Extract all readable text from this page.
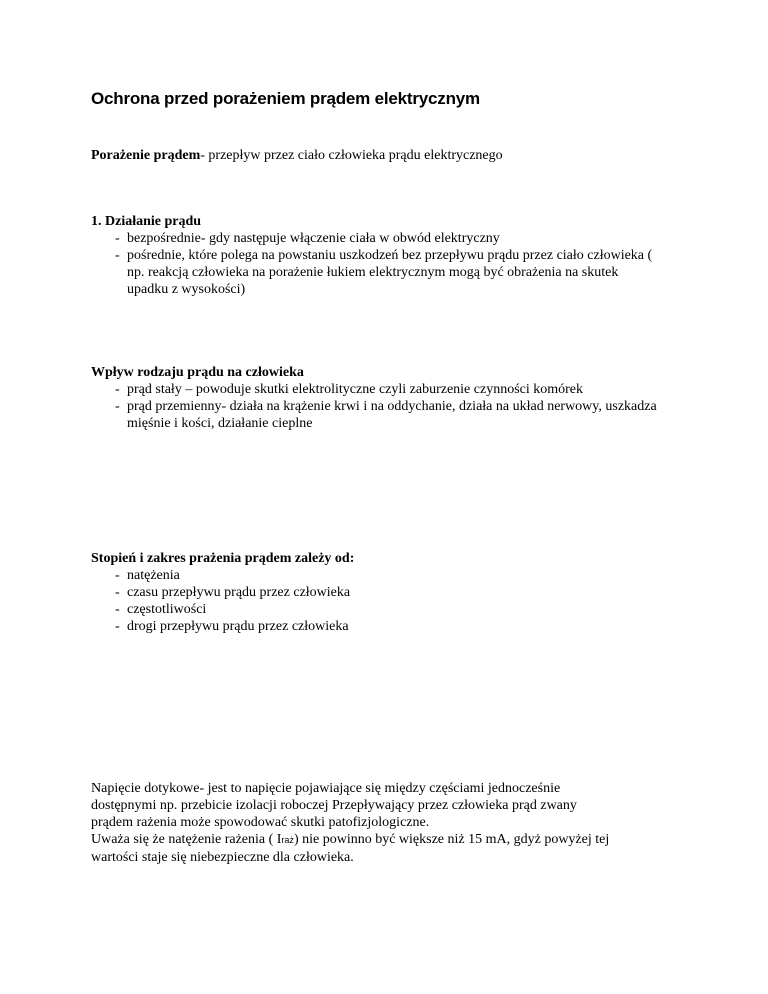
Ochrona przed porażeniem prądem elektrycznym
Porażenie prądem- przepływ przez ciało człowieka prądu elektrycznego
1. Działanie prądu
- bezpośrednie- gdy następuje włączenie ciała w obwód elektryczny
- pośrednie, które polega na powstaniu uszkodzeń bez przepływu prądu przez ciało człowieka ( np. reakcją człowieka na porażenie łukiem elektrycznym mogą być obrażenia na skutek upadku z wysokości)
Wpływ rodzaju prądu na człowieka
- prąd stały – powoduje skutki elektrolityczne czyli zaburzenie czynności komórek
- prąd przemienny- działa na krążenie krwi i na oddychanie, działa na układ nerwowy, uszkadza mięśnie i kości, działanie cieplne
Stopień i zakres prażenia prądem zależy od:
- natężenia
- czasu przepływu prądu przez człowieka
- częstotliwości
- drogi przepływu prądu przez człowieka

Napięcie dotykowe- jest to napięcie pojawiające się między częściami jednocześnie

dostępnymi np. przebicie izolacji roboczej Przepływający przez człowieka prąd zwany

prądem rażenia może spowodować skutki patofizjologiczne.

Uważa się że natężenie rażenia ( Iraż) nie powinno być większe niż 15 mA, gdyż powyżej tej

wartości staje się niebezpieczne dla człowieka.
